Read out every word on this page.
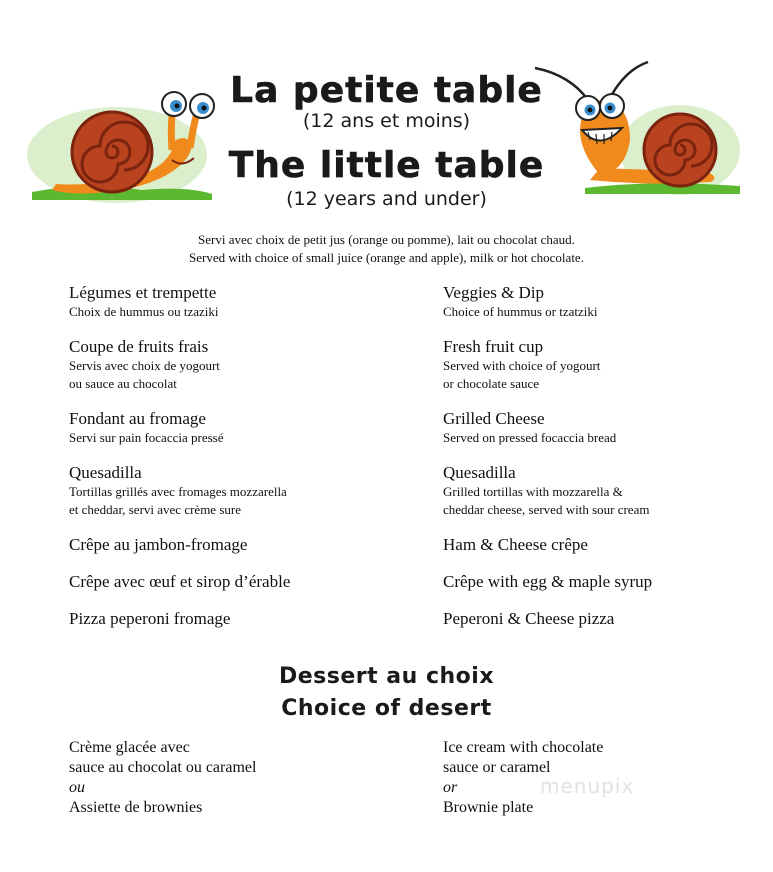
La petite table
(12 ans et moins)
The little table
(12 years and under)
Servi avec choix de petit jus (orange ou pomme), lait ou chocolat chaud.
Served with choice of small juice (orange and apple), milk or hot chocolate.
Légumes et trempette
Choix de hummus ou tzaziki
Coupe de fruits frais
Servis avec choix de yogourt
ou sauce au chocolat
Fondant au fromage
Servi sur pain focaccia pressé
Quesadilla
Tortillas grillés avec fromages mozzarella
et cheddar, servi avec crème sure
Crêpe au jambon-fromage
Crêpe avec œuf et sirop d’érable
Pizza peperoni fromage
Veggies & Dip
Choice of hummus or tzatziki
Fresh fruit cup
Served with choice of yogourt
or chocolate sauce
Grilled Cheese
Served on pressed focaccia bread
Quesadilla
Grilled tortillas with mozzarella &
cheddar cheese, served with sour cream
Ham & Cheese crêpe
Crêpe with egg & maple syrup
Peperoni & Cheese pizza
Dessert au choix
Choice of desert
Crème glacée avec
sauce au chocolat ou caramel
ou
Assiette de brownies
Ice cream with chocolate
sauce or caramel
or
Brownie plate
menupix
